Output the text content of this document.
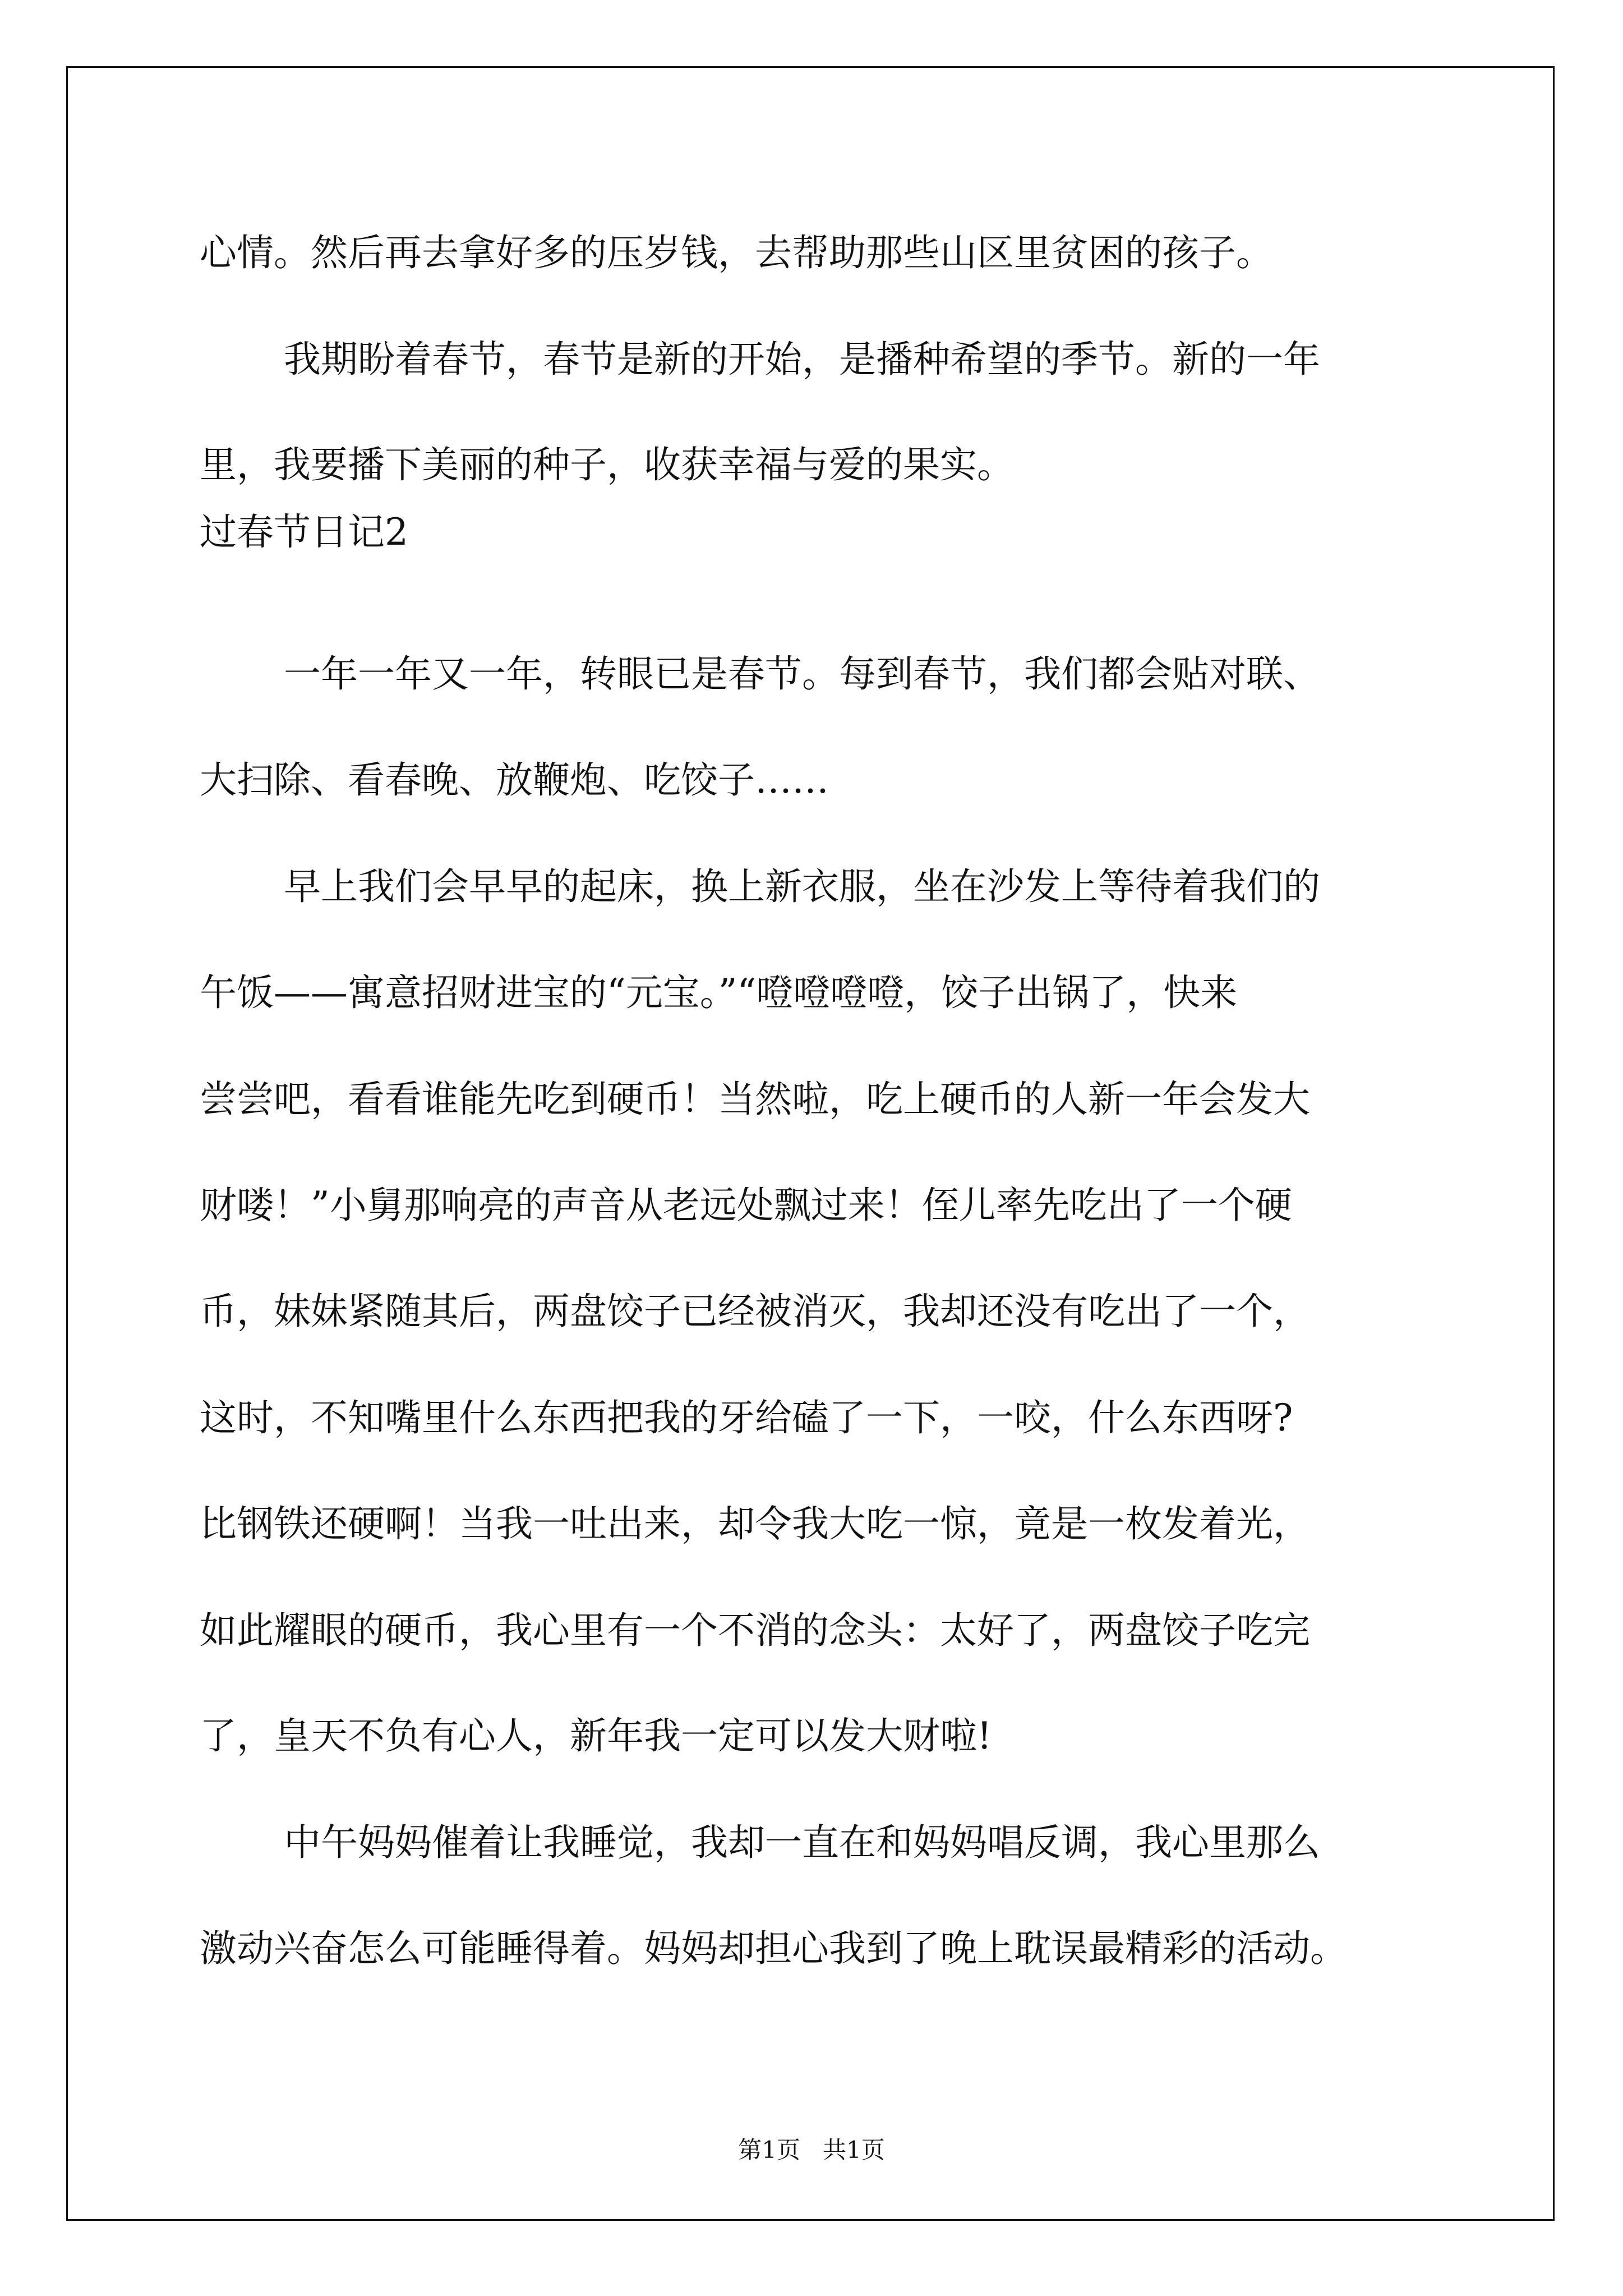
心情。然后再去拿好多的压岁钱，去帮助那些山区里贫困的孩子。
我期盼着春节，春节是新的开始，是播种希望的季节。新的一年
里，我要播下美丽的种子，收获幸福与爱的果实。
过春节日记2
一年一年又一年，转眼已是春节。每到春节，我们都会贴对联、
大扫除、看春晚、放鞭炮、吃饺子……
早上我们会早早的起床，换上新衣服，坐在沙发上等待着我们的
午饭——寓意招财进宝的“元宝。”“噔噔噔噔，饺子出锅了，快来
尝尝吧，看看谁能先吃到硬币！当然啦，吃上硬币的人新一年会发大
财喽！”小舅那响亮的声音从老远处飘过来！侄儿率先吃出了一个硬
币，妹妹紧随其后，两盘饺子已经被消灭，我却还没有吃出了一个，
这时，不知嘴里什么东西把我的牙给磕了一下，一咬，什么东西呀?
比钢铁还硬啊！当我一吐出来，却令我大吃一惊，竟是一枚发着光，
如此耀眼的硬币，我心里有一个不消的念头：太好了，两盘饺子吃完
了，皇天不负有心人，新年我一定可以发大财啦!
中午妈妈催着让我睡觉，我却一直在和妈妈唱反调，我心里那么
激动兴奋怎么可能睡得着。妈妈却担心我到了晚上耽误最精彩的活动。
第1页   共1页
